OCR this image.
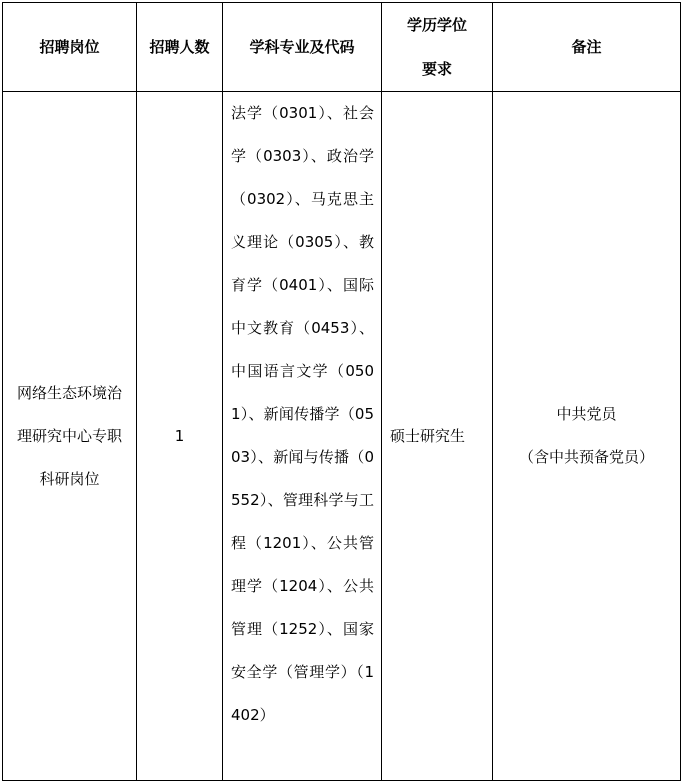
招聘岗位	招聘人数	学科专业及代码	学历学位要求	备注

网络生态环境治理研究中心专职科研岗位	1	法学（0301）、社会学（0303）、政治学（0302）、马克思主义理论（0305）、教育学（0401）、国际中文教育（0453）、中国语言文学（0501）、新闻传播学（0503）、新闻与传播（0552）、管理科学与工程（1201）、公共管理学（1204）、公共管理（1252）、国家安全学（管理学）（1402）	硕士研究生	中共党员
（含中共预备党员）
